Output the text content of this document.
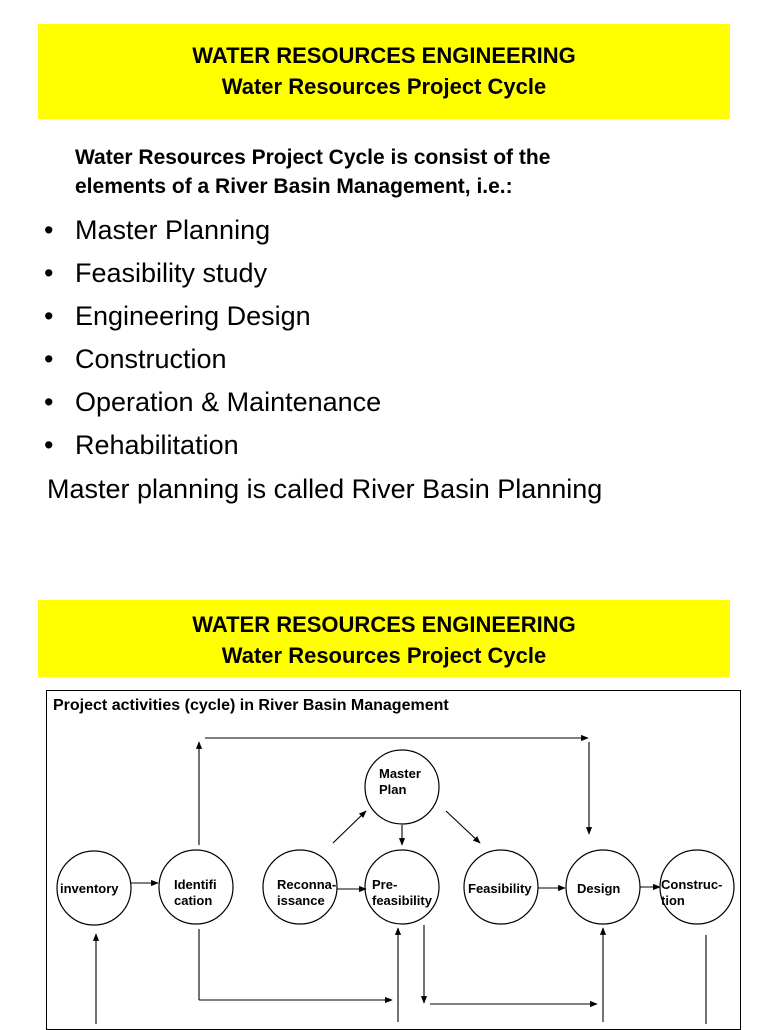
WATER RESOURCES ENGINEERING
Water Resources Project Cycle
Water Resources Project Cycle is consist of the
elements of a River Basin Management, i.e.:
• Master Planning
• Feasibility study
• Engineering Design
• Construction
• Operation & Maintenance
• Rehabilitation
Master planning is called River Basin Planning
WATER RESOURCES ENGINEERING
Water Resources Project Cycle
Project activities (cycle) in River Basin Management
inventory	Identifi
cation
Reconna-
issance
Master
Plan
Pre-
feasibility
Feasibility	Design	Construc-
tion
